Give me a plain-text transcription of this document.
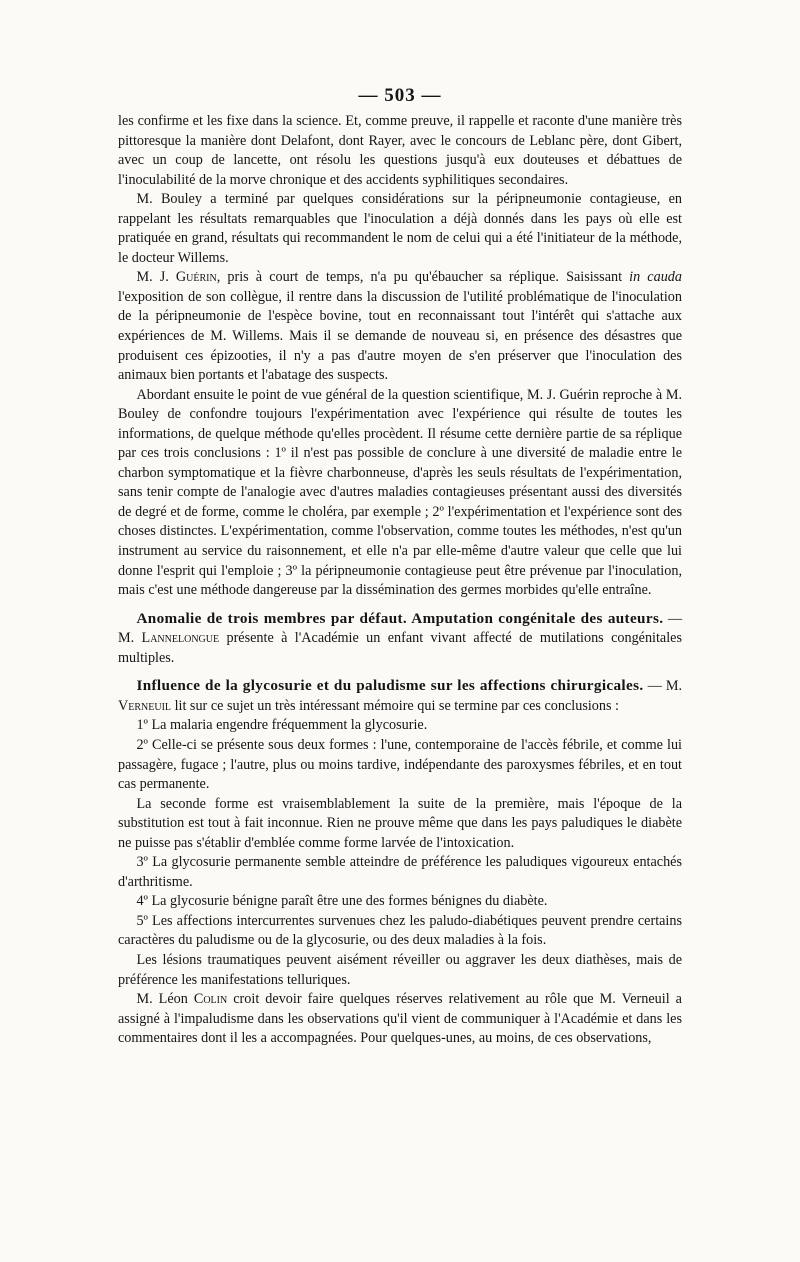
— 503 —

les confirme et les fixe dans la science. Et, comme preuve, il rappelle et raconte d'une manière très pittoresque la manière dont Delafont, dont Rayer, avec le concours de Leblanc père, dont Gibert, avec un coup de lancette, ont résolu les questions jusqu'à eux douteuses et débattues de l'inoculabilité de la morve chronique et des accidents syphilitiques secondaires.

M. Bouley a terminé par quelques considérations sur la péripneumonie contagieuse, en rappelant les résultats remarquables que l'inoculation a déjà donnés dans les pays où elle est pratiquée en grand, résultats qui recommandent le nom de celui qui a été l'initiateur de la méthode, le docteur Willems.

M. J. Guérin, pris à court de temps, n'a pu qu'ébaucher sa réplique. Saisissant in cauda l'exposition de son collègue, il rentre dans la discussion de l'utilité problématique de l'inoculation de la péripneumonie de l'espèce bovine, tout en reconnaissant tout l'intérêt qui s'attache aux expériences de M. Willems. Mais il se demande de nouveau si, en présence des désastres que produisent ces épizooties, il n'y a pas d'autre moyen de s'en préserver que l'inoculation des animaux bien portants et l'abatage des suspects.

Abordant ensuite le point de vue général de la question scientifique, M. J. Guérin reproche à M. Bouley de confondre toujours l'expérimentation avec l'expérience qui résulte de toutes les informations, de quelque méthode qu'elles procèdent. Il résume cette dernière partie de sa réplique par ces trois conclusions : 1º il n'est pas possible de conclure à une diversité de maladie entre le charbon symptomatique et la fièvre charbonneuse, d'après les seuls résultats de l'expérimentation, sans tenir compte de l'analogie avec d'autres maladies contagieuses présentant aussi des diversités de degré et de forme, comme le choléra, par exemple ; 2º l'expérimentation et l'expérience sont des choses distinctes. L'expérimentation, comme l'observation, comme toutes les méthodes, n'est qu'un instrument au service du raisonnement, et elle n'a par elle-même d'autre valeur que celle que lui donne l'esprit qui l'emploie ; 3º la péripneumonie contagieuse peut être prévenue par l'inoculation, mais c'est une méthode dangereuse par la dissémination des germes morbides qu'elle entraîne.

Anomalie de trois membres par défaut. Amputation congénitale des auteurs. — M. Lannelongue présente à l'Académie un enfant vivant affecté de mutilations congénitales multiples.

Influence de la glycosurie et du paludisme sur les affections chirurgicales. — M. Verneuil lit sur ce sujet un très intéressant mémoire qui se termine par ces conclusions :

1º La malaria engendre fréquemment la glycosurie.

2º Celle-ci se présente sous deux formes : l'une, contemporaine de l'accès fébrile, et comme lui passagère, fugace ; l'autre, plus ou moins tardive, indépendante des paroxysmes fébriles, et en tout cas permanente.

La seconde forme est vraisemblablement la suite de la première, mais l'époque de la substitution est tout à fait inconnue. Rien ne prouve même que dans les pays paludiques le diabète ne puisse pas s'établir d'emblée comme forme larvée de l'intoxication.

3º La glycosurie permanente semble atteindre de préférence les paludiques vigoureux entachés d'arthritisme.

4º La glycosurie bénigne paraît être une des formes bénignes du diabète.

5º Les affections intercurrentes survenues chez les paludo-diabétiques peuvent prendre certains caractères du paludisme ou de la glycosurie, ou des deux maladies à la fois.

Les lésions traumatiques peuvent aisément réveiller ou aggraver les deux diathèses, mais de préférence les manifestations telluriques.

M. Léon Colin croit devoir faire quelques réserves relativement au rôle que M. Verneuil a assigné à l'impaludisme dans les observations qu'il vient de communiquer à l'Académie et dans les commentaires dont il les a accompagnées. Pour quelques-unes, au moins, de ces observations,
